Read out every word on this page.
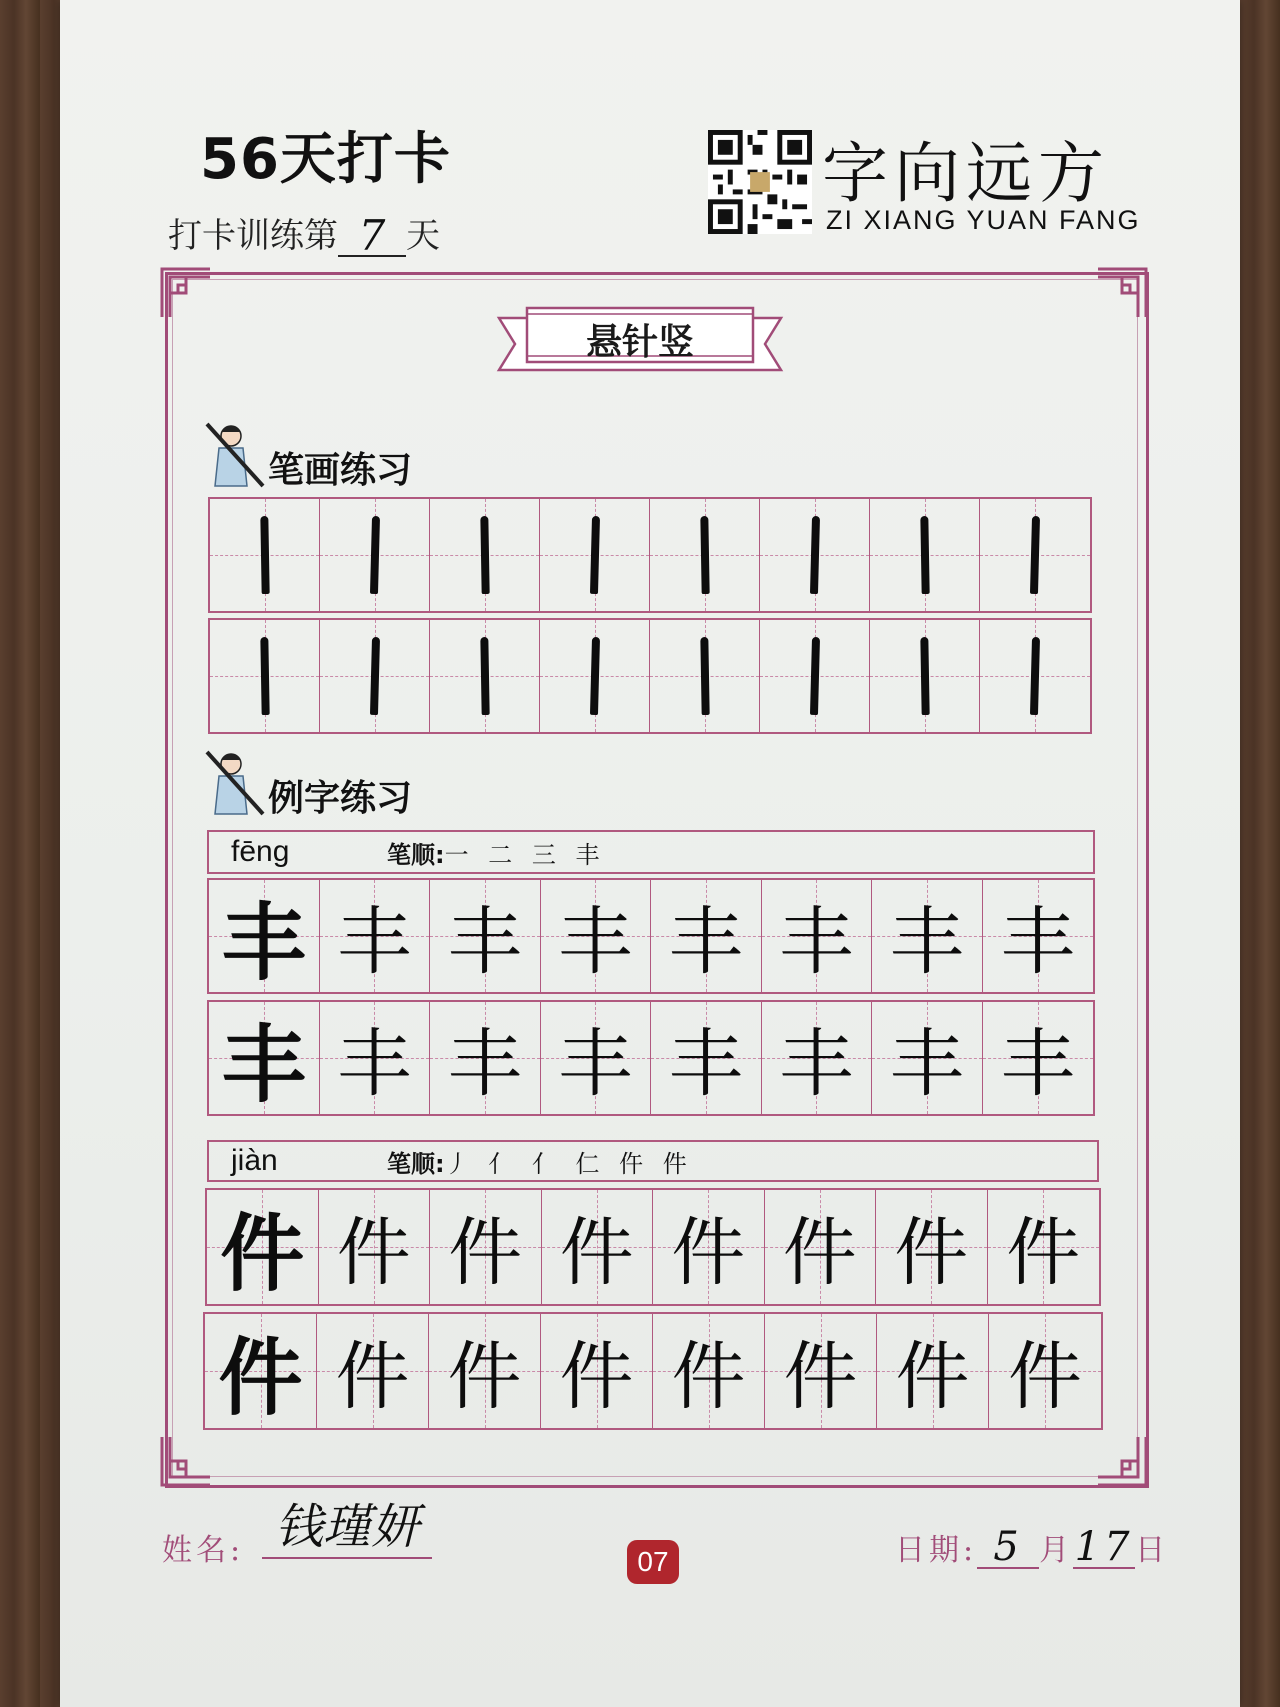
56天打卡
打卡训练第 7 天
字向远方
ZI XIANG YUAN FANG
悬针竖
笔画练习
例字练习
fēng	笔顺: 一 二 三 丰
丰 丰 丰 丰 丰 丰 丰 丰
丰 丰 丰 丰 丰 丰 丰 丰
jiàn	笔顺: 丿 亻 亻 仁 仵 件
件 件 件 件 件 件 件 件
件 件 件 件 件 件 件 件
姓名: 钱瑾妍
07	日期: 5 月 17 日
